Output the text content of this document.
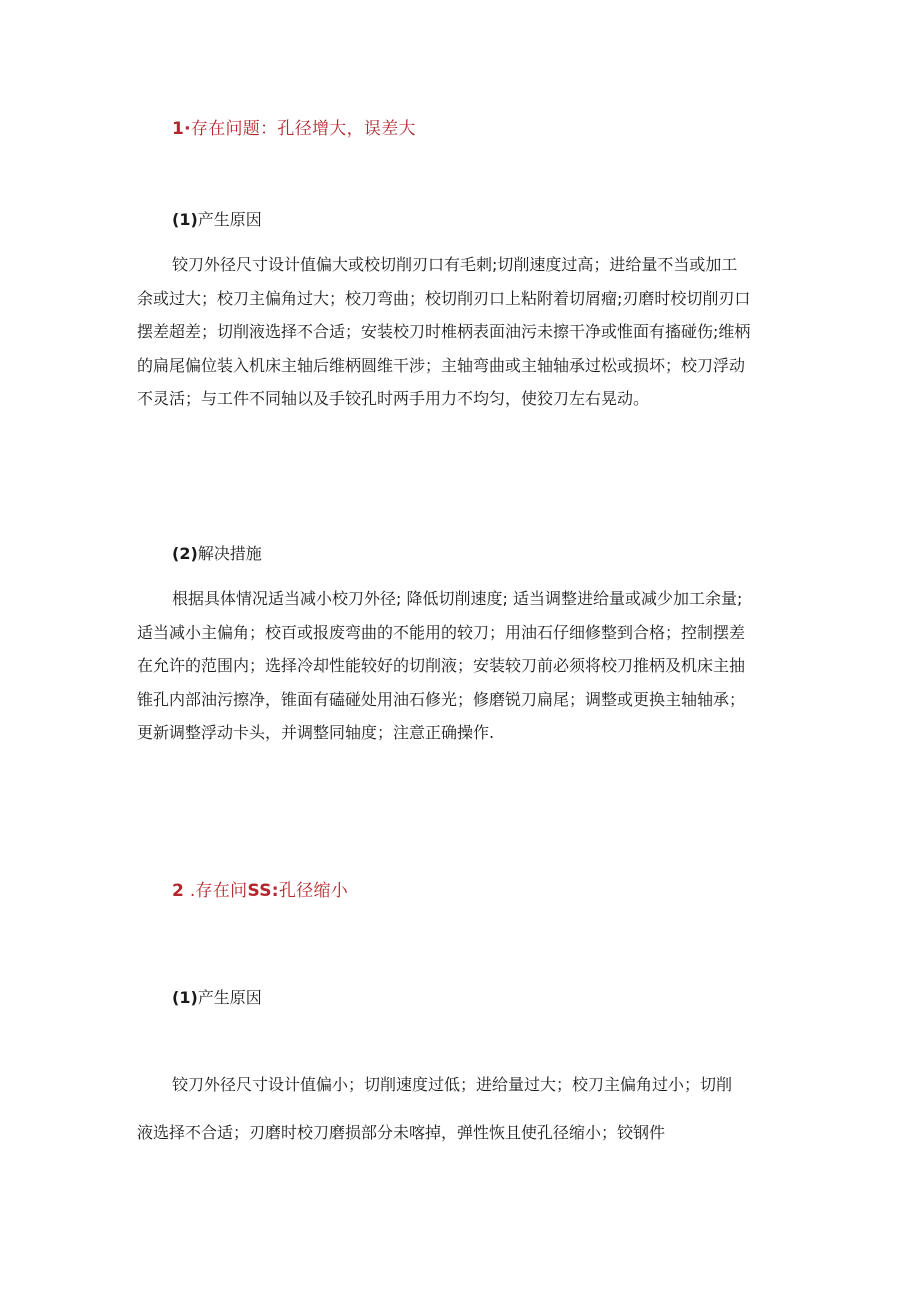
1·存在问题：孔径增大，误差大
(1)产生原因
铰刀外径尺寸设计值偏大或校切削刃口有毛刺;切削速度过高；进给量不当或加工
余或过大；校刀主偏角过大；校刀弯曲；校切削刃口上粘附着切屑瘤;刃磨时校切削刃口
摆差超差；切削液选择不合适；安装校刀时椎柄表面油污未擦干净或惟面有搐碰伤;维柄
的扁尾偏位装入机床主轴后维柄圆维干涉；主轴弯曲或主轴轴承过松或损坏；校刀浮动
不灵活；与工件不同轴以及手铰孔时两手用力不均匀，使狡刀左右晃动。
(2)解决措施
根据具体情况适当减小校刀外径; 降低切削速度; 适当调整进给量或减少加工余量;
适当减小主偏角；校百或报废弯曲的不能用的较刀；用油石仔细修整到合格；控制摆差
在允许的范围内；选择冷却性能较好的切削液；安装较刀前必须将校刀推柄及机床主抽
锥孔内部油污擦净，锥面有磕碰处用油石修光；修磨锐刀扁尾；调整或更换主轴轴承；
更新调整浮动卡头，并调整同轴度；注意正确操作.
2 .存在问SS:孔径缩小
(1)产生原因
铰刀外径尺寸设计值偏小；切削速度过低；进给量过大；校刀主偏角过小；切削
液选择不合适；刃磨时校刀磨损部分未喀掉，弹性恢且使孔径缩小；铰钢件
